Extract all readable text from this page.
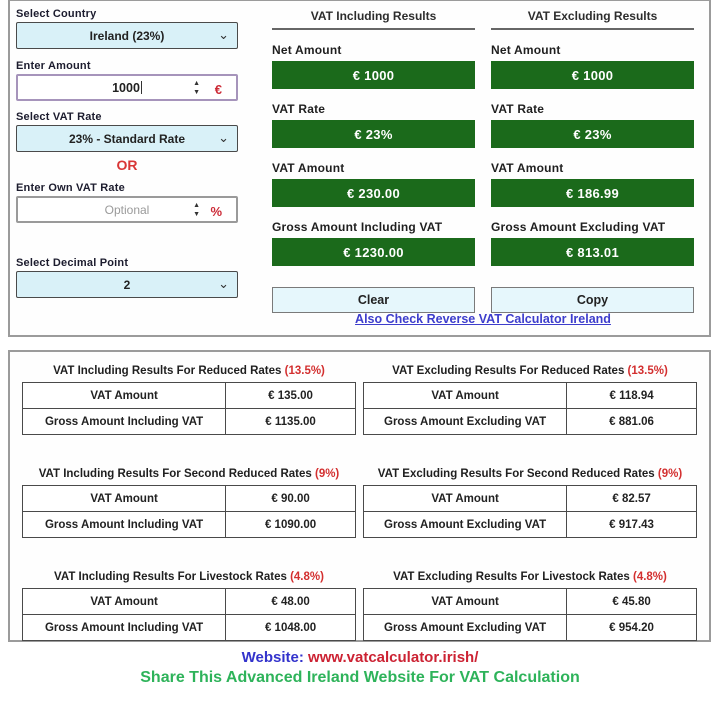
Select Country
Ireland (23%)	⌄
Enter Amount
1000	▲
▼ €
Select VAT Rate
23% - Standard Rate	⌄
OR
Enter Own VAT Rate
Optional	▲
▼ %
Select Decimal Point
2	⌄
VAT Including Results
Net Amount
€ 1000
VAT Rate
€ 23%
VAT Amount
€ 230.00
Gross Amount Including VAT
€ 1230.00
Clear
VAT Excluding Results
Net Amount
€ 1000
VAT Rate
€ 23%
VAT Amount
€ 186.99
Gross Amount Excluding VAT
€ 813.01
Copy
Also Check Reverse VAT Calculator Ireland
VAT Including Results For Reduced Rates (13.5%)
VAT Amount	€ 135.00
Gross Amount Including VAT	€ 1135.00
VAT Excluding Results For Reduced Rates (13.5%)
VAT Amount	€ 118.94
Gross Amount Excluding VAT	€ 881.06
VAT Including Results For Second Reduced Rates (9%)
VAT Amount	€ 90.00
Gross Amount Including VAT	€ 1090.00
VAT Excluding Results For Second Reduced Rates (9%)
VAT Amount	€ 82.57
Gross Amount Excluding VAT	€ 917.43
VAT Including Results For Livestock Rates (4.8%)
VAT Amount	€ 48.00
Gross Amount Including VAT	€ 1048.00
VAT Excluding Results For Livestock Rates (4.8%)
VAT Amount	€ 45.80
Gross Amount Excluding VAT	€ 954.20
Website: www.vatcalculator.irish/
Share This Advanced Ireland Website For VAT Calculation
